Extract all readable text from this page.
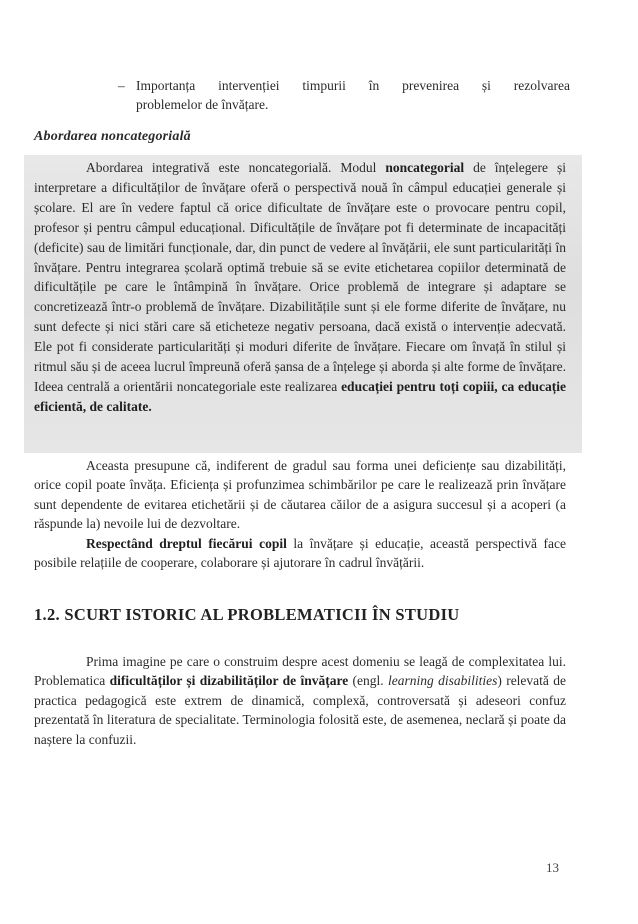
– Importanța intervenției timpurii în prevenirea și rezolvarea
problemelor de învățare.
Abordarea noncategorială
Abordarea integrativă este noncategorială. Modul noncategorial de înțelegere și interpretare a dificultăților de învățare oferă o perspectivă nouă în câmpul educației generale și școlare. El are în vedere faptul că orice dificultate de învățare este o provocare pentru copil, profesor și pentru câmpul educațional. Dificultățile de învățare pot fi determinate de incapacități (deficite) sau de limitări funcționale, dar, din punct de vedere al învățării, ele sunt particularități în învățare. Pentru integrarea școlară optimă trebuie să se evite etichetarea copiilor determinată de dificultățile pe care le întâmpină în învățare. Orice problemă de integrare și adaptare se concretizează într-o problemă de învățare. Dizabilitățile sunt și ele forme diferite de învățare, nu sunt defecte și nici stări care să eticheteze negativ persoana, dacă există o intervenție adecvată. Ele pot fi considerate particularități și moduri diferite de învățare. Fiecare om învață în stilul și ritmul său și de aceea lucrul împreună oferă șansa de a înțelege și aborda și alte forme de învățare. Ideea centrală a orientării noncategoriale este realizarea educației pentru toți copiii, ca educație eficientă, de calitate.
Aceasta presupune că, indiferent de gradul sau forma unei deficiențe sau dizabilități, orice copil poate învăța. Eficiența și profunzimea schimbărilor pe care le realizează prin învățare sunt dependente de evitarea etichetării și de căutarea căilor de a asigura succesul și a acoperi (a răspunde la) nevoile lui de dezvoltare.
Respectând dreptul fiecărui copil la învățare și educație, această perspectivă face posibile relațiile de cooperare, colaborare și ajutorare în cadrul învățării.
1.2. SCURT ISTORIC AL PROBLEMATICII ÎN STUDIU
Prima imagine pe care o construim despre acest domeniu se leagă de complexitatea lui. Problematica dificultăților și dizabilităților de învățare (engl. learning disabilities) relevată de practica pedagogică este extrem de dinamică, complexă, controversată și adeseori confuz prezentată în literatura de specialitate. Terminologia folosită este, de asemenea, neclară și poate da naștere la confuzii.
13
